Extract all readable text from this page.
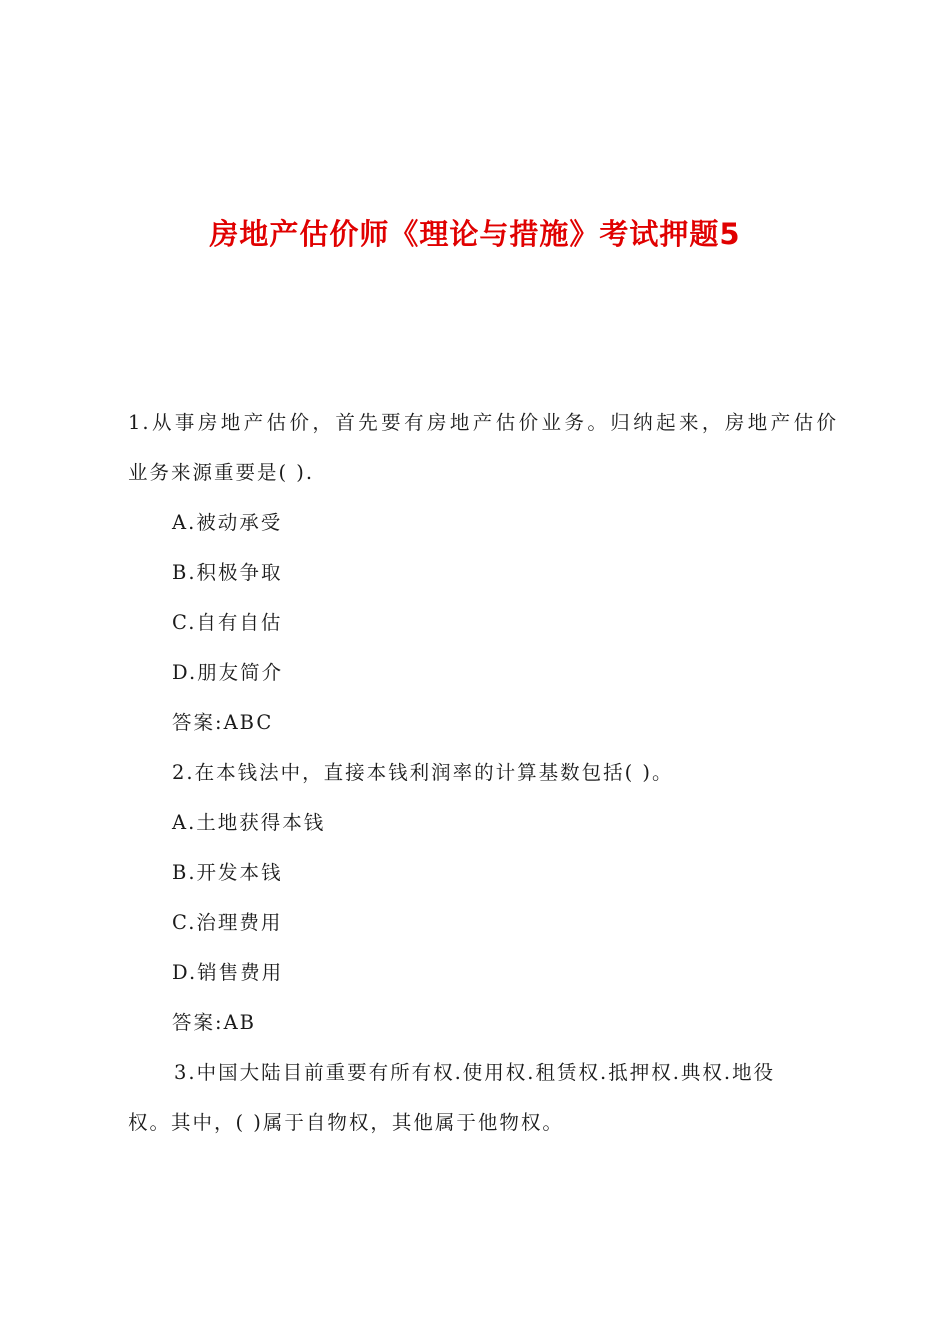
房地产估价师《理论与措施》考试押题5

1.从事房地产估价，首先要有房地产估价业务。归纳起来，房地产估价

业务来源重要是( ).

A.被动承受

B.积极争取

C.自有自估

D.朋友简介

答案:ABC

2.在本钱法中，直接本钱利润率的计算基数包括( )。

A.土地获得本钱

B.开发本钱

C.治理费用

D.销售费用

答案:AB

3.中国大陆目前重要有所有权.使用权.租赁权.抵押权.典权.地役

权。其中，( )属于自物权，其他属于他物权。
